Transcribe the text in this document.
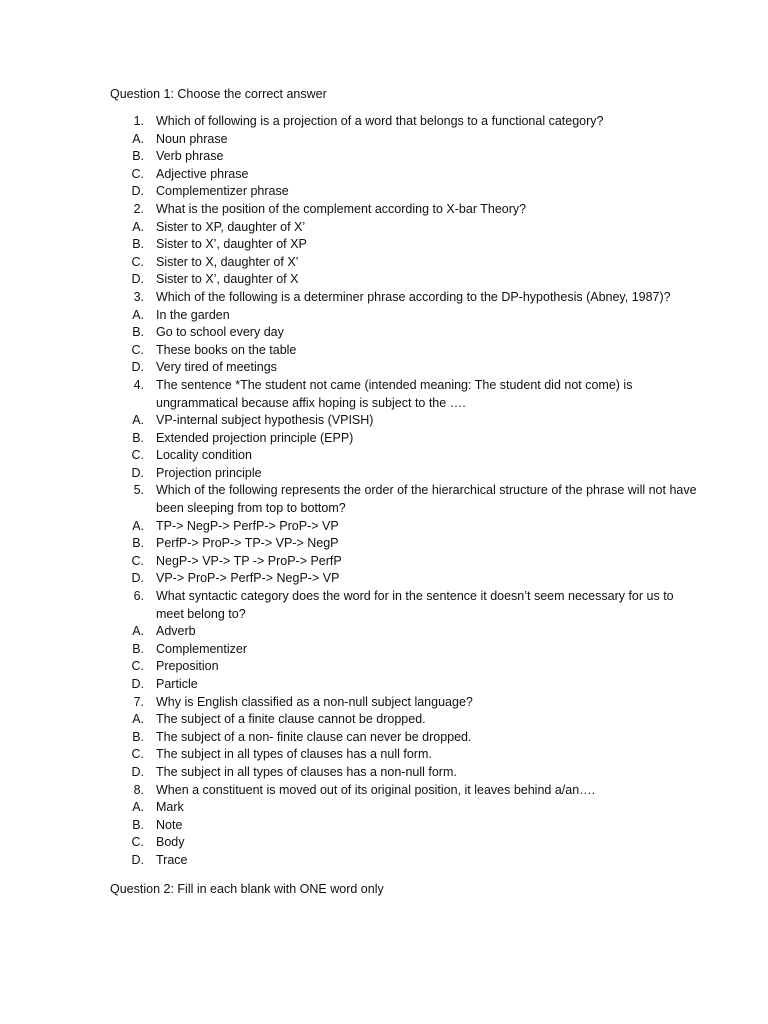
Question 1: Choose the correct answer
1. Which of following is a projection of a word that belongs to a functional category?
A. Noun phrase
B. Verb phrase
C. Adjective phrase
D. Complementizer phrase
2. What is the position of the complement according to X-bar Theory?
A. Sister to XP, daughter of X’
B. Sister to X’, daughter of XP
C. Sister to X, daughter of X’
D. Sister to X’, daughter of X
3. Which of the following is a determiner phrase according to the DP-hypothesis (Abney, 1987)?
A. In the garden
B. Go to school every day
C. These books on the table
D. Very tired of meetings
4. The sentence *The student not came (intended meaning: The student did not come) is ungrammatical because affix hoping is subject to the ….
A. VP-internal subject hypothesis (VPISH)
B. Extended projection principle (EPP)
C. Locality condition
D. Projection principle
5. Which of the following represents the order of the hierarchical structure of the phrase will not have been sleeping from top to bottom?
A. TP-> NegP-> PerfP-> ProP-> VP
B. PerfP-> ProP-> TP-> VP-> NegP
C. NegP-> VP-> TP -> ProP-> PerfP
D. VP-> ProP-> PerfP-> NegP-> VP
6. What syntactic category does the word for in the sentence it doesn’t seem necessary for us to meet belong to?
A. Adverb
B. Complementizer
C. Preposition
D. Particle
7. Why is English classified as a non-null subject language?
A. The subject of a finite clause cannot be dropped.
B. The subject of a non- finite clause can never be dropped.
C. The subject in all types of clauses has a null form.
D. The subject in all types of clauses has a non-null form.
8. When a constituent is moved out of its original position, it leaves behind a/an….
A. Mark
B. Note
C. Body
D. Trace
Question 2: Fill in each blank with ONE word only
